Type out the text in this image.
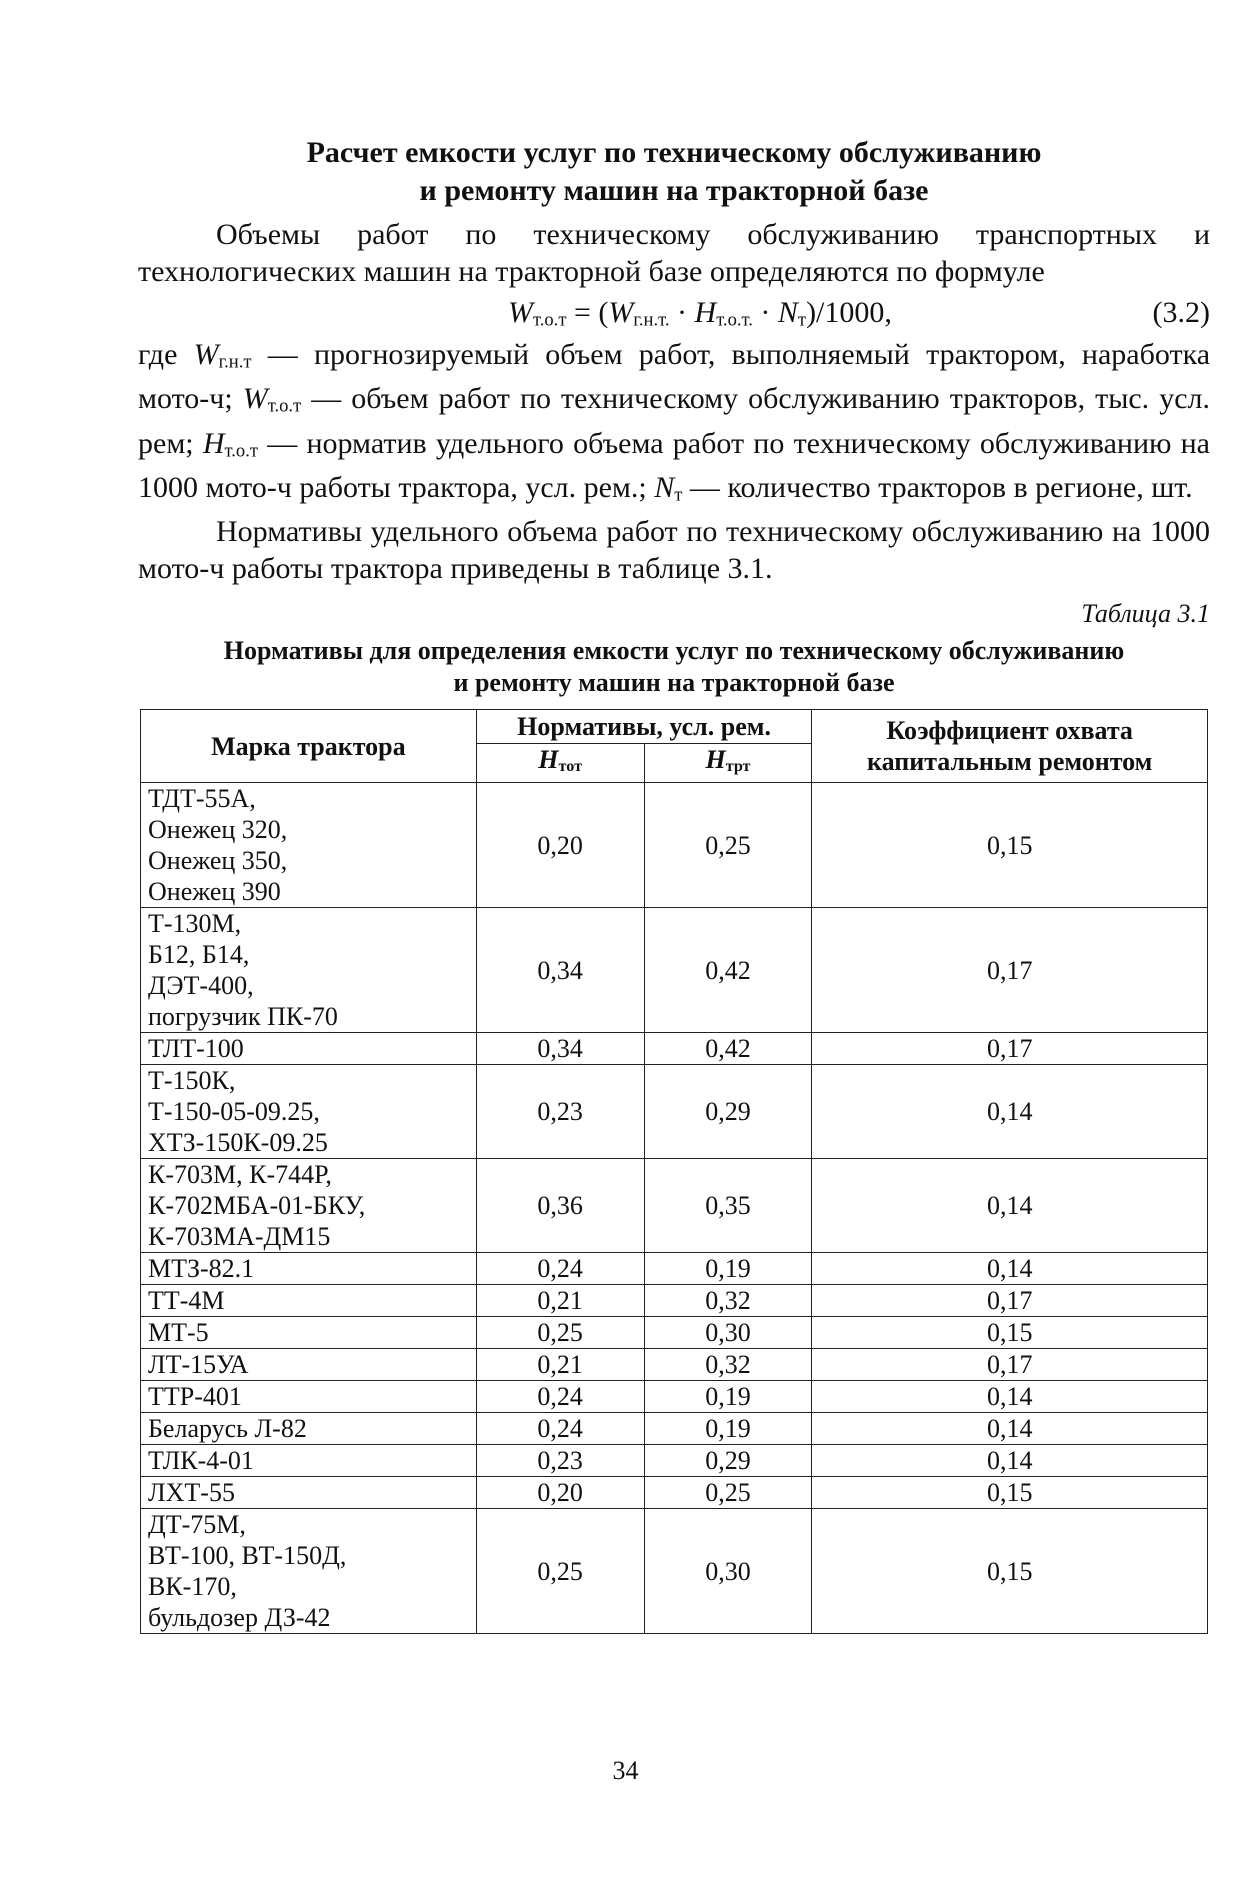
Расчет емкости услуг по техническому обслуживанию
и ремонту машин на тракторной базе

Объемы работ по техническому обслуживанию транспортных и технологических машин на тракторной базе определяются по формуле

Wт.о.т = (Wг.н.т. · Hт.о.т. · Nт)/1000,	(3.2)

где Wг.н.т — прогнозируемый объем работ, выполняемый трактором, наработка мото-ч; Wт.о.т — объем работ по техническому обслуживанию тракторов, тыс. усл. рем; Hт.о.т — норматив удельного объема работ по техническому обслуживанию на 1000 мото-ч работы трактора, усл. рем.; Nт — количество тракторов в регионе, шт.

Нормативы удельного объема работ по техническому обслуживанию на 1000 мото-ч работы трактора приведены в таблице 3.1.

Таблица 3.1
Нормативы для определения емкости услуг по техническому обслуживанию
и ремонту машин на тракторной базе
Марка трактора	Нормативы, усл. рем.		Коэффициент охвата
капитальным ремонтом
	Hтот	Hтрт	

ТДТ-55А,
Онежец 320,
Онежец 350,
Онежец 390	0,20	0,25	0,15

Т-130М,
Б12, Б14,
ДЭТ-400,
погрузчик ПК-70	0,34	0,42	0,17

ТЛТ-100	0,34	0,42	0,17

Т-150К,
Т-150-05-09.25,
ХТЗ-150К-09.25	0,23	0,29	0,14

К-703М, К-744Р,
К-702МБА-01-БКУ,
К-703МА-ДМ15	0,36	0,35	0,14

МТЗ-82.1	0,24	0,19	0,14

ТТ-4М	0,21	0,32	0,17

МТ-5	0,25	0,30	0,15

ЛТ-15УА	0,21	0,32	0,17

ТТР-401	0,24	0,19	0,14

Беларусь Л-82	0,24	0,19	0,14

ТЛК-4-01	0,23	0,29	0,14

ЛХТ-55	0,20	0,25	0,15

ДТ-75М,
ВТ-100, ВТ-150Д,
ВК-170,
бульдозер ДЗ-42	0,25	0,30	0,15
34
